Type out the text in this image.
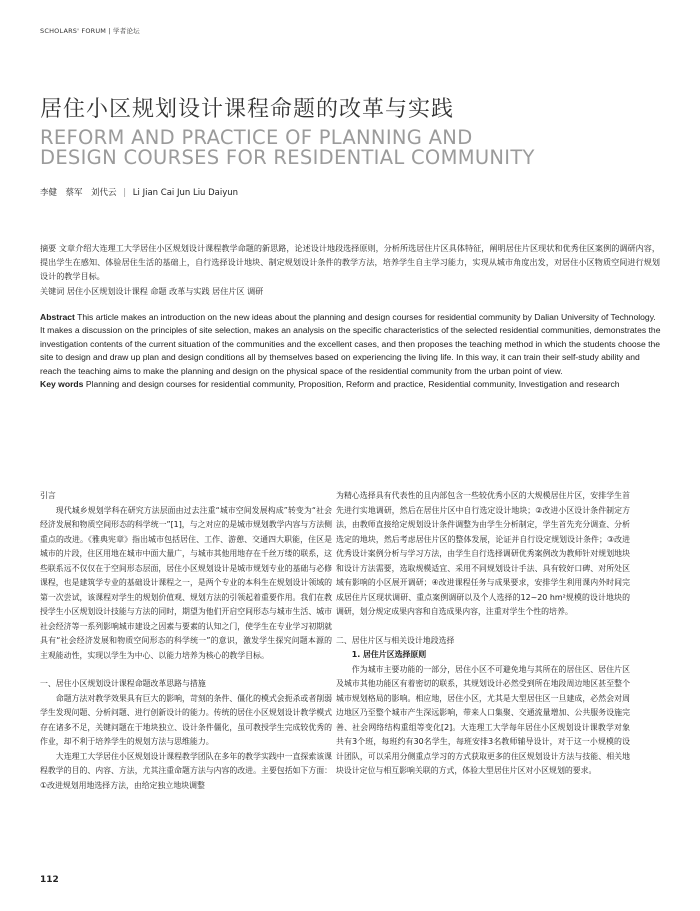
SCHOLARS' FORUM | 学者论坛
居住小区规划设计课程命题的改革与实践
REFORM AND PRACTICE OF PLANNING AND
DESIGN COURSES FOR RESIDENTIAL COMMUNITY
李健　蔡军　刘代云 | Li Jian Cai Jun Liu Daiyun
摘要 文章介绍大连理工大学居住小区规划设计课程教学命题的新思路，论述设计地段选择原则，分析所选居住片区具体特征，阐明居住片区现状和优秀住区案例的调研内容，提出学生在感知、体验居住生活的基础上，自行选择设计地块、制定规划设计条件的教学方法，培养学生自主学习能力，实现从城市角度出发，对居住小区物质空间进行规划设计的教学目标。
关键词 居住小区规划设计课程 命题 改革与实践 居住片区 调研
Abstract This article makes an introduction on the new ideas about the planning and design courses for residential community by Dalian University of Technology. It makes a discussion on the principles of site selection, makes an analysis on the specific characteristics of the selected residential communities, demonstrates the investigation contents of the current situation of the communities and the excellent cases, and then proposes the teaching method in which the students choose the site to design and draw up plan and design conditions all by themselves based on experiencing the living life. In this way, it can train their self-study ability and reach the teaching aims to make the planning and design on the physical space of the residential community from the urban point of view.
Key words Planning and design courses for residential community, Proposition, Reform and practice, Residential community, Investigation and research

引言

现代城乡规划学科在研究方法层面由过去注重“城市空间发展构成”转变为“社会经济发展和物质空间形态的科学统一”[1]，与之对应的是城市规划教学内容与方法侧重点的改进。《雅典宪章》指出城市包括居住、工作、游憩、交通四大职能，住区是城市的片段，住区用地在城市中面大量广，与城市其他用地存在千丝万缕的联系，这些联系远不仅仅在于空间形态层面，居住小区规划设计是城市规划专业的基础与必修课程，也是建筑学专业的基础设计课程之一，是两个专业的本科生在规划设计领域的第一次尝试，该课程对学生的规划价值观、规划方法的引领起着重要作用。我们在教授学生小区规划设计技能与方法的同时，期望为他们开启空间形态与城市生活、城市社会经济等一系列影响城市建设之因素与要素的认知之门，使学生在专业学习初期就具有“社会经济发展和物质空间形态的科学统一”的意识，激发学生探究问题本源的主观能动性，实现以学生为中心、以能力培养为核心的教学目标。

一、居住小区规划设计课程命题改革思路与措施

命题方法对教学效果具有巨大的影响，苛刻的条件、僵化的模式会扼杀或者削弱学生发现问题、分析问题、进行创新设计的能力。传统的居住小区规划设计教学模式存在诸多不足，关键问题在于地块独立、设计条件僵化，虽可教授学生完成较优秀的作业，却不利于培养学生的规划方法与思维能力。

大连理工大学居住小区规划设计课程教学团队在多年的教学实践中一直探索该课程教学的目的、内容、方法，尤其注重命题方法与内容的改进。主要包括如下方面：①改进规划用地选择方法，由给定独立地块调整

为精心选择具有代表性的且内部包含一些较优秀小区的大规模居住片区，安排学生首先进行实地调研，然后在居住片区中自行选定设计地块；②改进小区设计条件制定方法，由教师直接给定规划设计条件调整为由学生分析制定，学生首先充分调查、分析选定的地块，然后考虑居住片区的整体发展，论证并自行设定规划设计条件；③改进优秀设计案例分析与学习方法，由学生自行选择调研优秀案例改为教师针对规划地块和设计方法需要，选取规模适宜、采用不同规划设计手法、具有较好口碑、对所处区域有影响的小区展开调研；④改进课程任务与成果要求，安排学生利用课内外时间完成居住片区现状调研、重点案例调研以及个人选择的12~20 hm²规模的设计地块的调研，划分规定成果内容和自选成果内容，注重对学生个性的培养。

二、居住片区与相关设计地段选择

1. 居住片区选择原则

作为城市主要功能的一部分，居住小区不可避免地与其所在的居住区、居住片区及城市其他功能区有着密切的联系，其规划设计必然受到所在地段周边地区甚至整个城市规划格局的影响。相应地，居住小区，尤其是大型居住区一旦建成，必然会对周边地区乃至整个城市产生深远影响，带来人口集聚、交通流量增加、公共服务设施完善、社会网络结构重组等变化[2]。大连理工大学每年居住小区规划设计课教学对象共有3个班，每班约有30名学生，每班安排3名教师辅导设计，对于这一小规模的设计团队，可以采用分侧重点学习的方式获取更多的住区规划设计方法与技能、相关地块设计定位与相互影响关联的方式，体验大型居住片区对小区规划的要求。

112
